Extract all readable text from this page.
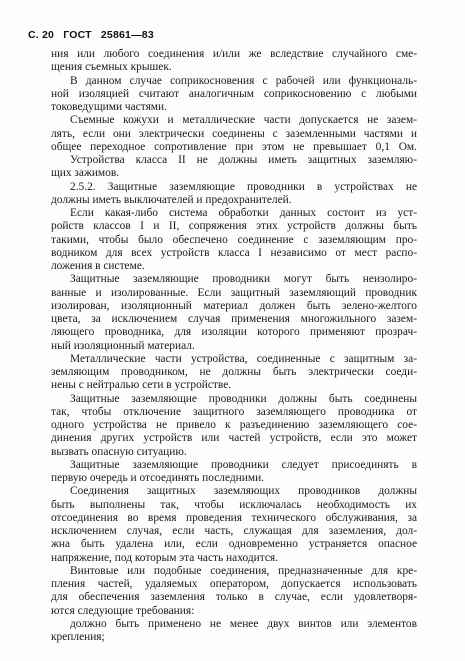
С. 20 ГОСТ 25861—83
ния или любого соединения и/или же вследствие случайного сме-
щения съемных крышек.
В данном случае соприкосновения с рабочей или функциональ-
ной изоляцией считают аналогичным соприкосновению с любыми
токоведущими частями.
Съемные кожухи и металлические части допускается не зазем-
лять, если они электрически соединены с заземленными частями и
общее переходное сопротивление при этом не превышает 0,1 Ом.
Устройства класса II не должны иметь защитных заземляю-
щих зажимов.
2.5.2. Защитные заземляющие проводники в устройствах не
должны иметь выключателей и предохранителей.
Если какая-либо система обработки данных состоит из уст-
ройств классов I и II, сопряжения этих устройств должны быть
такими, чтобы было обеспечено соединение с заземляющим про-
водником для всех устройств класса I независимо от мест распо-
ложения в системе.
Защитные заземляющие проводники могут быть неизолиро-
ванные и изолированные. Если защитный заземляющий проводник
изолирован, изоляционный материал должен быть зелено-желтого
цвета, за исключением случая применения многожильного зазем-
ляющего проводника, для изоляции которого применяют прозрач-
ный изоляционный материал.
Металлические части устройства, соединенные с защитным за-
земляющим проводником, не должны быть электрически соеди-
нены с нейтралью сети в устройстве.
Защитные заземляющие проводники должны быть соединены
так, чтобы отключение защитного заземляющего проводника от
одного устройства не привело к разъединению заземляющего сое-
динения других устройств или частей устройств, если это может
вызвать опасную ситуацию.
Защитные заземляющие проводники следует присоединять в
первую очередь и отсоединять последними.
Соединения защитных заземляющих проводников должны
быть выполнены так, чтобы исключалась необходимость их
отсоединения во время проведения технического обслуживания, за
исключением случая, если часть, служащая для заземления, дол-
жна быть удалена или, если одновременно устраняется опасное
напряжение, под которым эта часть находится.
Винтовые или подобные соединения, предназначенные для кре-
пления частей, удаляемых оператором, допускается использовать
для обеспечения заземления только в случае, если удовлетворя-
ются следующие требования:
должно быть применено не менее двух винтов или элементов
крепления;
